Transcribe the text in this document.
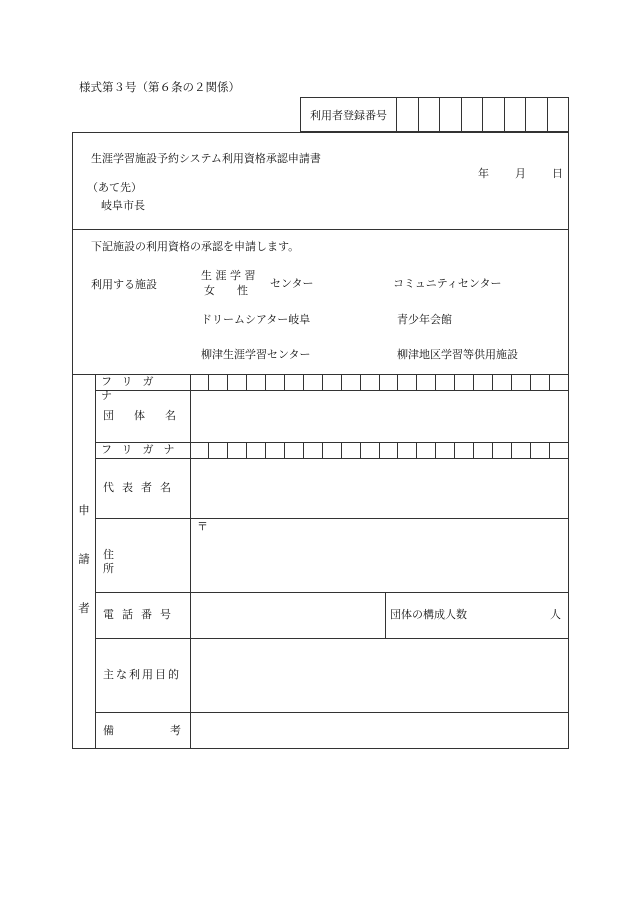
様式第３号（第６条の２関係）
利用者登録番号
生涯学習施設予約システム利用資格承認申請書
年 月 日
（あて先）
岐阜市長
下記施設の利用資格の承認を申請します。
利用する施設
生 涯 学 習
女　　性
センター	コミュニティセンター
ドリームシアター岐阜	青少年会館
柳津生涯学習センター	柳津地区学習等供用施設
申
請
者
フリガナ
団体名
フリガナ
代表者名
住所
〒
電話番号	団体の構成人数	人
主な利用目的
備考
